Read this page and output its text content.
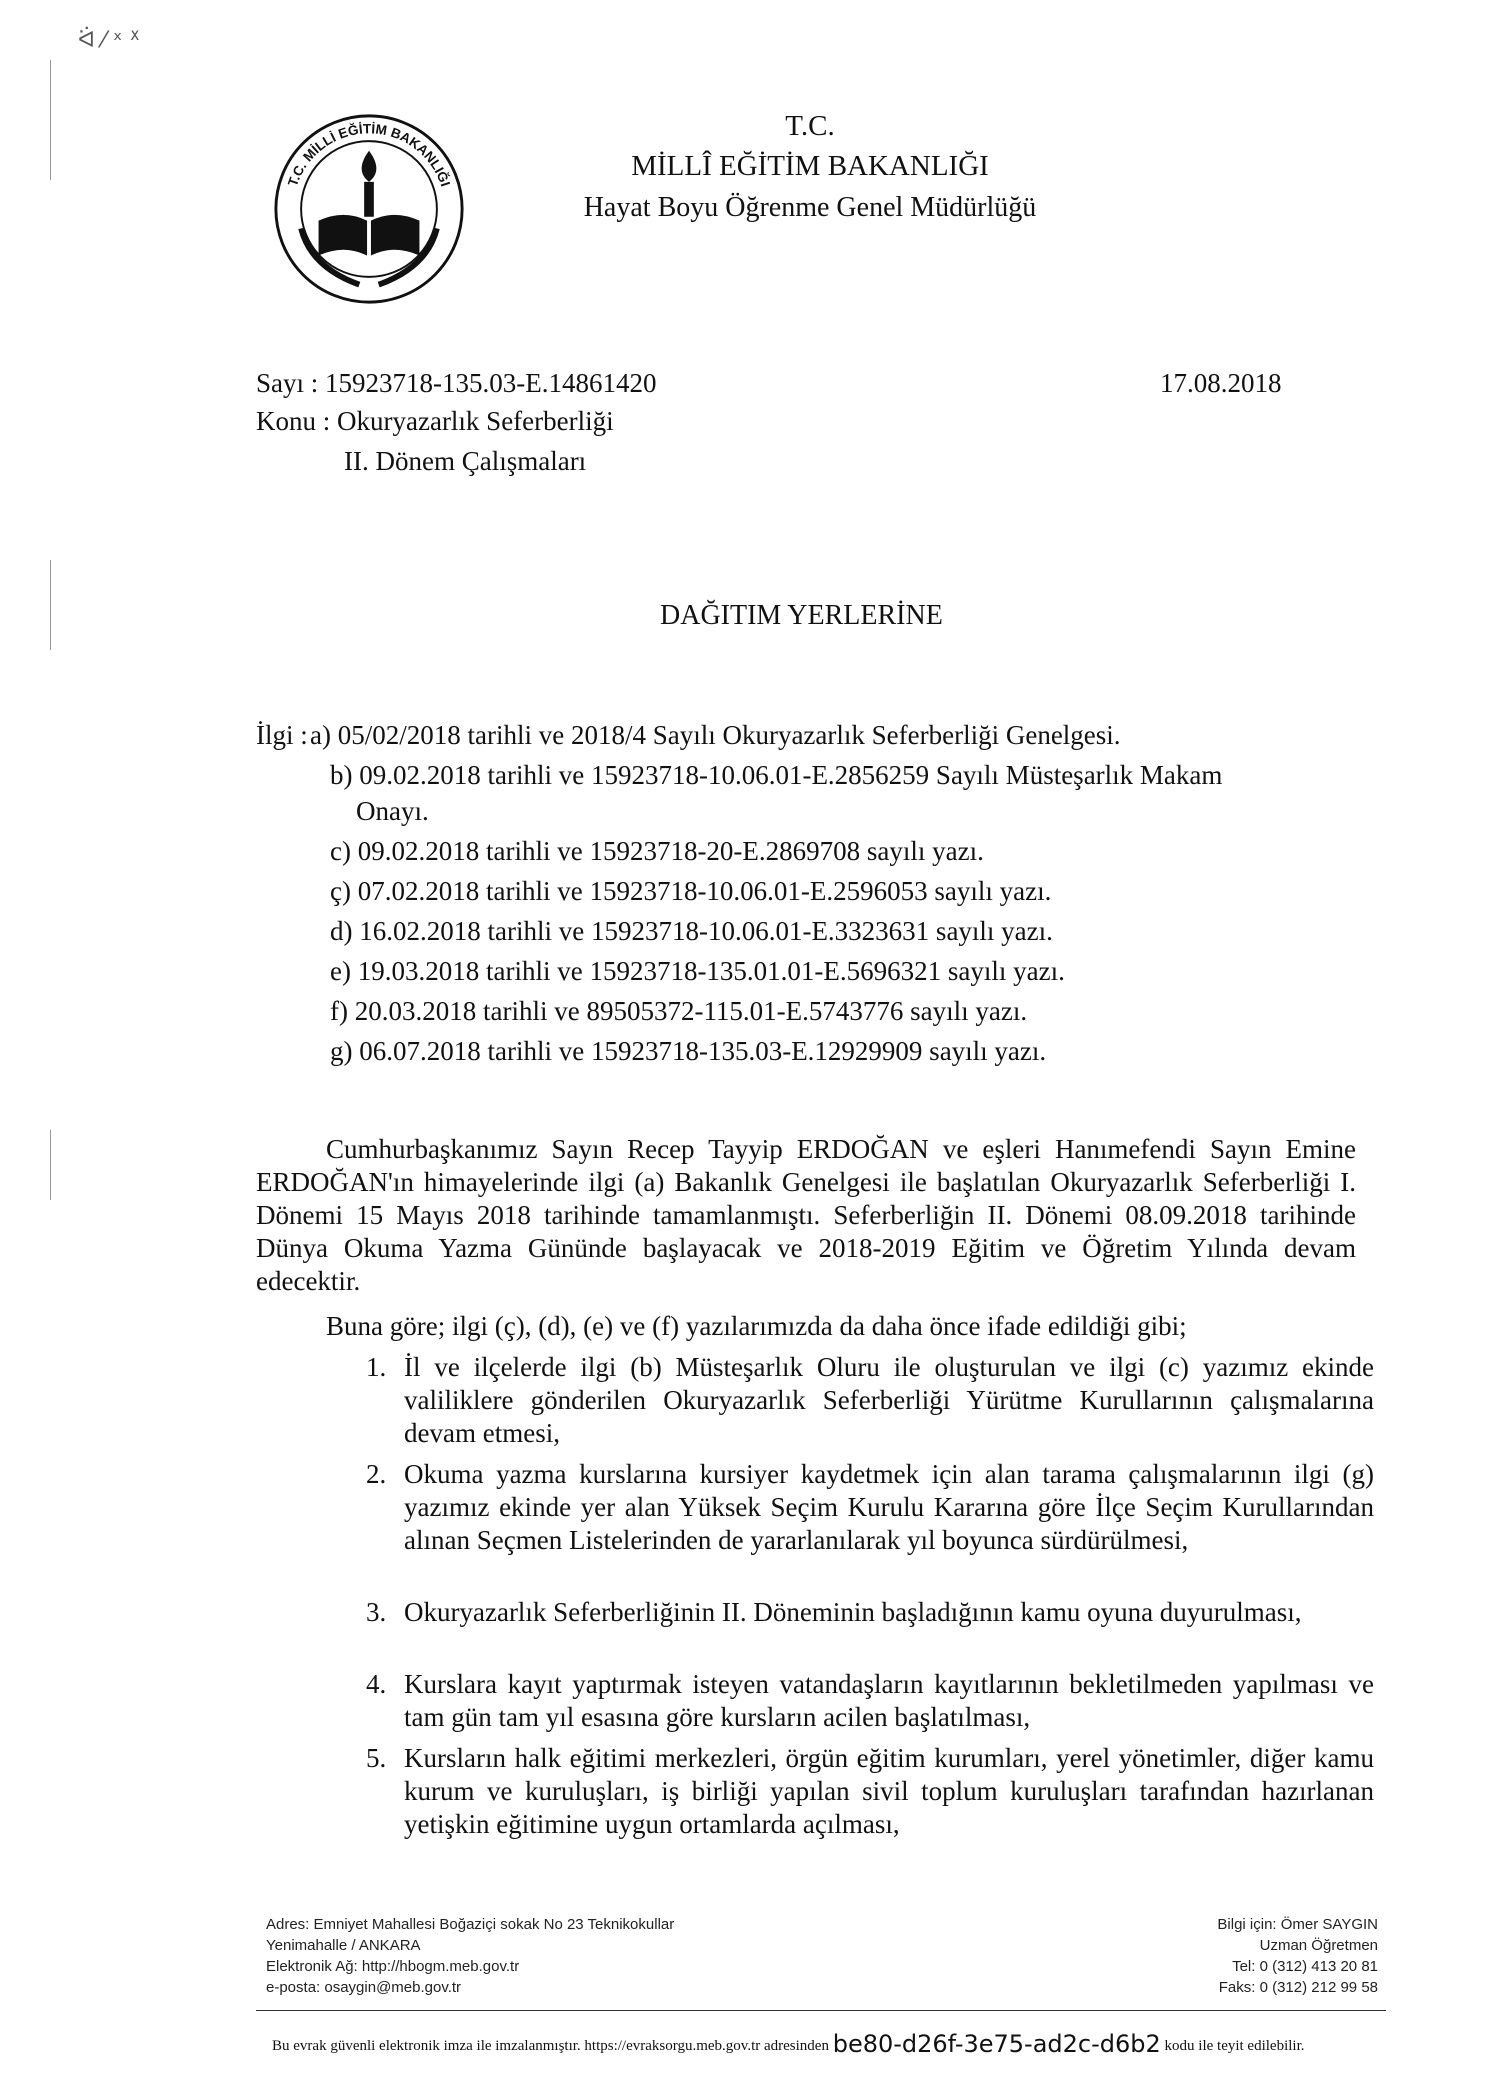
ᐛ ⁄ ˣ ᕽ
T.C. MİLLİ EĞİTİM BAKANLIĞI
T.C.
MİLLÎ EĞİTİM BAKANLIĞI
Hayat Boyu Öğrenme Genel Müdürlüğü
Sayı : 15923718-135.03-E.14861420
Konu : Okuryazarlık Seferberliği
II. Dönem Çalışmaları
17.08.2018
DAĞITIM YERLERİNE
İlgi : a) 05/02/2018 tarihli ve 2018/4 Sayılı Okuryazarlık Seferberliği Genelgesi.
b) 09.02.2018 tarihli ve 15923718-10.06.01-E.2856259 Sayılı Müsteşarlık Makam
Onayı.
c) 09.02.2018 tarihli ve 15923718-20-E.2869708 sayılı yazı.
ç) 07.02.2018 tarihli ve 15923718-10.06.01-E.2596053 sayılı yazı.
d) 16.02.2018 tarihli ve 15923718-10.06.01-E.3323631 sayılı yazı.
e) 19.03.2018 tarihli ve 15923718-135.01.01-E.5696321 sayılı yazı.
f) 20.03.2018 tarihli ve 89505372-115.01-E.5743776 sayılı yazı.
g) 06.07.2018 tarihli ve 15923718-135.03-E.12929909 sayılı yazı.
Cumhurbaşkanımız Sayın Recep Tayyip ERDOĞAN ve eşleri Hanımefendi Sayın Emine ERDOĞAN'ın himayelerinde ilgi (a) Bakanlık Genelgesi ile başlatılan Okuryazarlık Seferberliği I. Dönemi 15 Mayıs 2018 tarihinde tamamlanmıştı. Seferberliğin II. Dönemi 08.09.2018 tarihinde Dünya Okuma Yazma Gününde başlayacak ve 2018-2019 Eğitim ve Öğretim Yılında devam edecektir.
Buna göre; ilgi (ç), (d), (e) ve (f) yazılarımızda da daha önce ifade edildiği gibi;
1. İl ve ilçelerde ilgi (b) Müsteşarlık Oluru ile oluşturulan ve ilgi (c) yazımız ekinde valiliklere gönderilen Okuryazarlık Seferberliği Yürütme Kurullarının çalışmalarına devam etmesi,
2. Okuma yazma kurslarına kursiyer kaydetmek için alan tarama çalışmalarının ilgi (g) yazımız ekinde yer alan Yüksek Seçim Kurulu Kararına göre İlçe Seçim Kurullarından alınan Seçmen Listelerinden de yararlanılarak yıl boyunca sürdürülmesi,
3. Okuryazarlık Seferberliğinin II. Döneminin başladığının kamu oyuna duyurulması,
4. Kurslara kayıt yaptırmak isteyen vatandaşların kayıtlarının bekletilmeden yapılması ve tam gün tam yıl esasına göre kursların acilen başlatılması,
5. Kursların halk eğitimi merkezleri, örgün eğitim kurumları, yerel yönetimler, diğer kamu kurum ve kuruluşları, iş birliği yapılan sivil toplum kuruluşları tarafından hazırlanan yetişkin eğitimine uygun ortamlarda açılması,
Adres: Emniyet Mahallesi Boğaziçi sokak No 23 Teknikokullar
Yenimahalle / ANKARA
Elektronik Ağ: http://hbogm.meb.gov.tr
e-posta: osaygin@meb.gov.tr
Bilgi için: Ömer SAYGIN
Uzman Öğretmen
Tel: 0 (312) 413 20 81
Faks: 0 (312) 212 99 58
Bu evrak güvenli elektronik imza ile imzalanmıştır. https://evraksorgu.meb.gov.tr adresinden be80-d26f-3e75-ad2c-d6b2 kodu ile teyit edilebilir.
